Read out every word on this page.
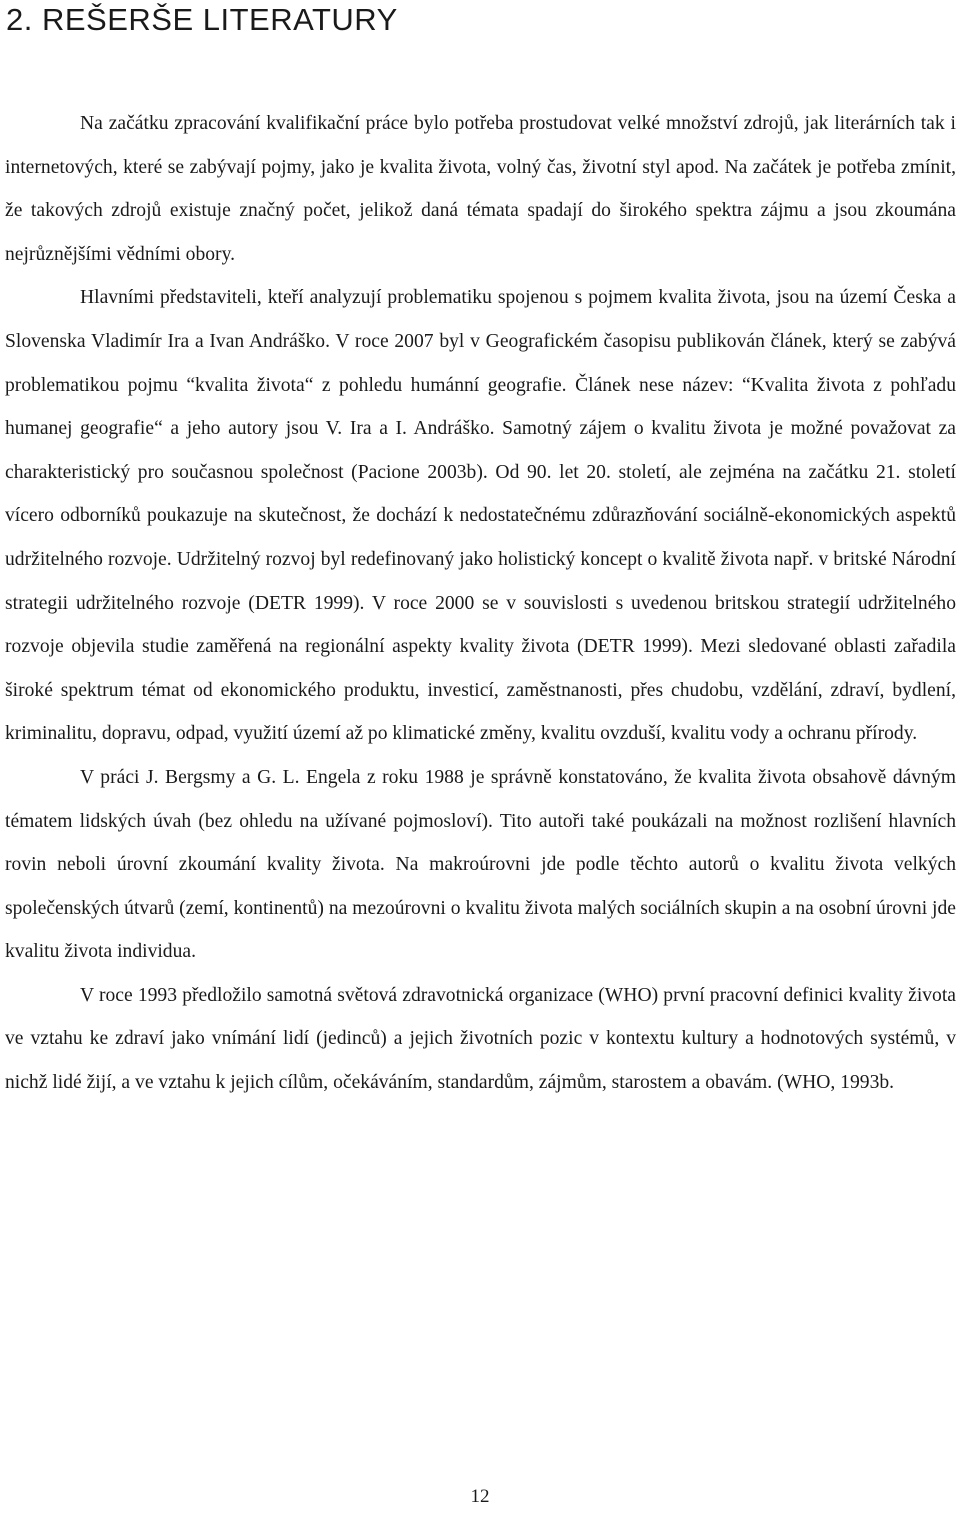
2. REŠERŠE LITERATURY

Na začátku zpracování kvalifikační práce bylo potřeba prostudovat velké množství zdrojů, jak literárních tak i internetových, které se zabývají pojmy, jako je kvalita života, volný čas, životní styl apod. Na začátek je potřeba zmínit, že takových zdrojů existuje značný počet, jelikož daná témata spadají do širokého spektra zájmu a jsou zkoumána nejrůznějšími vědními obory.

Hlavními představiteli, kteří analyzují problematiku spojenou s pojmem kvalita života, jsou na území Česka a Slovenska Vladimír Ira a Ivan Andráško. V roce 2007 byl v Geografickém časopisu publikován článek, který se zabývá problematikou pojmu “kvalita života“ z pohledu humánní geografie. Článek nese název: “Kvalita života z pohľadu humanej geografie“ a jeho autory jsou V. Ira a I. Andráško. Samotný zájem o kvalitu života je možné považovat za charakteristický pro současnou společnost (Pacione 2003b). Od 90. let 20. století, ale zejména na začátku 21. století vícero odborníků poukazuje na skutečnost, že dochází k nedostatečnému zdůrazňování sociálně-ekonomických aspektů udržitelného rozvoje. Udržitelný rozvoj byl redefinovaný jako holistický koncept o kvalitě života např. v britské Národní strategii udržitelného rozvoje (DETR 1999). V roce 2000 se v souvislosti s uvedenou britskou strategií udržitelného rozvoje objevila studie zaměřená na regionální aspekty kvality života (DETR 1999). Mezi sledované oblasti zařadila široké spektrum témat od ekonomického produktu, investicí, zaměstnanosti, přes chudobu, vzdělání, zdraví, bydlení, kriminalitu, dopravu, odpad, využití území až po klimatické změny, kvalitu ovzduší, kvalitu vody a ochranu přírody.

V práci J. Bergsmy a G. L. Engela z roku 1988 je správně konstatováno, že kvalita života obsahově dávným tématem lidských úvah (bez ohledu na užívané pojmosloví). Tito autoři také poukázali na možnost rozlišení hlavních rovin neboli úrovní zkoumání kvality života. Na makroúrovni jde podle těchto autorů o kvalitu života velkých společenských útvarů (zemí, kontinentů) na mezoúrovni o kvalitu života malých sociálních skupin a na osobní úrovni jde kvalitu života individua.

V roce 1993 předložilo samotná světová zdravotnická organizace (WHO) první pracovní definici kvality života ve vztahu ke zdraví jako vnímání lidí (jedinců) a jejich životních pozic v kontextu kultury a hodnotových systémů, v nichž lidé žijí, a ve vztahu k jejich cílům, očekáváním, standardům, zájmům, starostem a obavám. (WHO, 1993b.

12
